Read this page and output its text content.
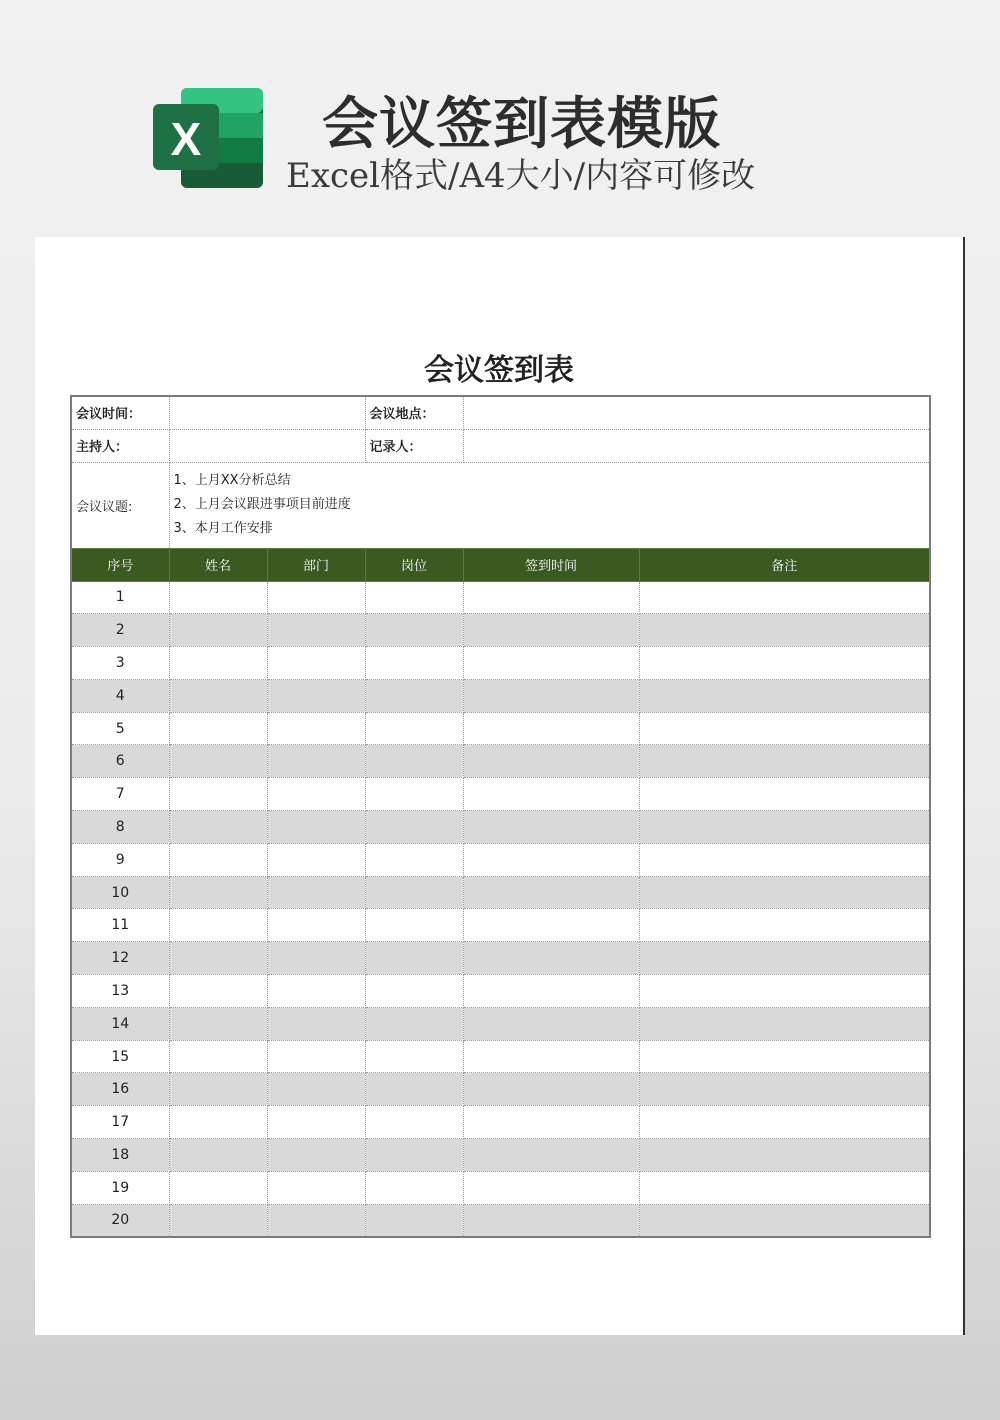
X 会议签到表模版
Excel格式/A4大小/内容可修改
会议签到表
会议时间：			会议地点：		
主持人：			记录人：		
会议议题:	1、上月XX分析总结
2、上月会议跟进事项目前进度
3、本月工作安排				

序号	姓名	部门	岗位	签到时间	备注
1					
2					
3					
4					
5					
6					
7					
8					
9					
10					
11					
12					
13					
14					
15					
16					
17					
18					
19					
20					
